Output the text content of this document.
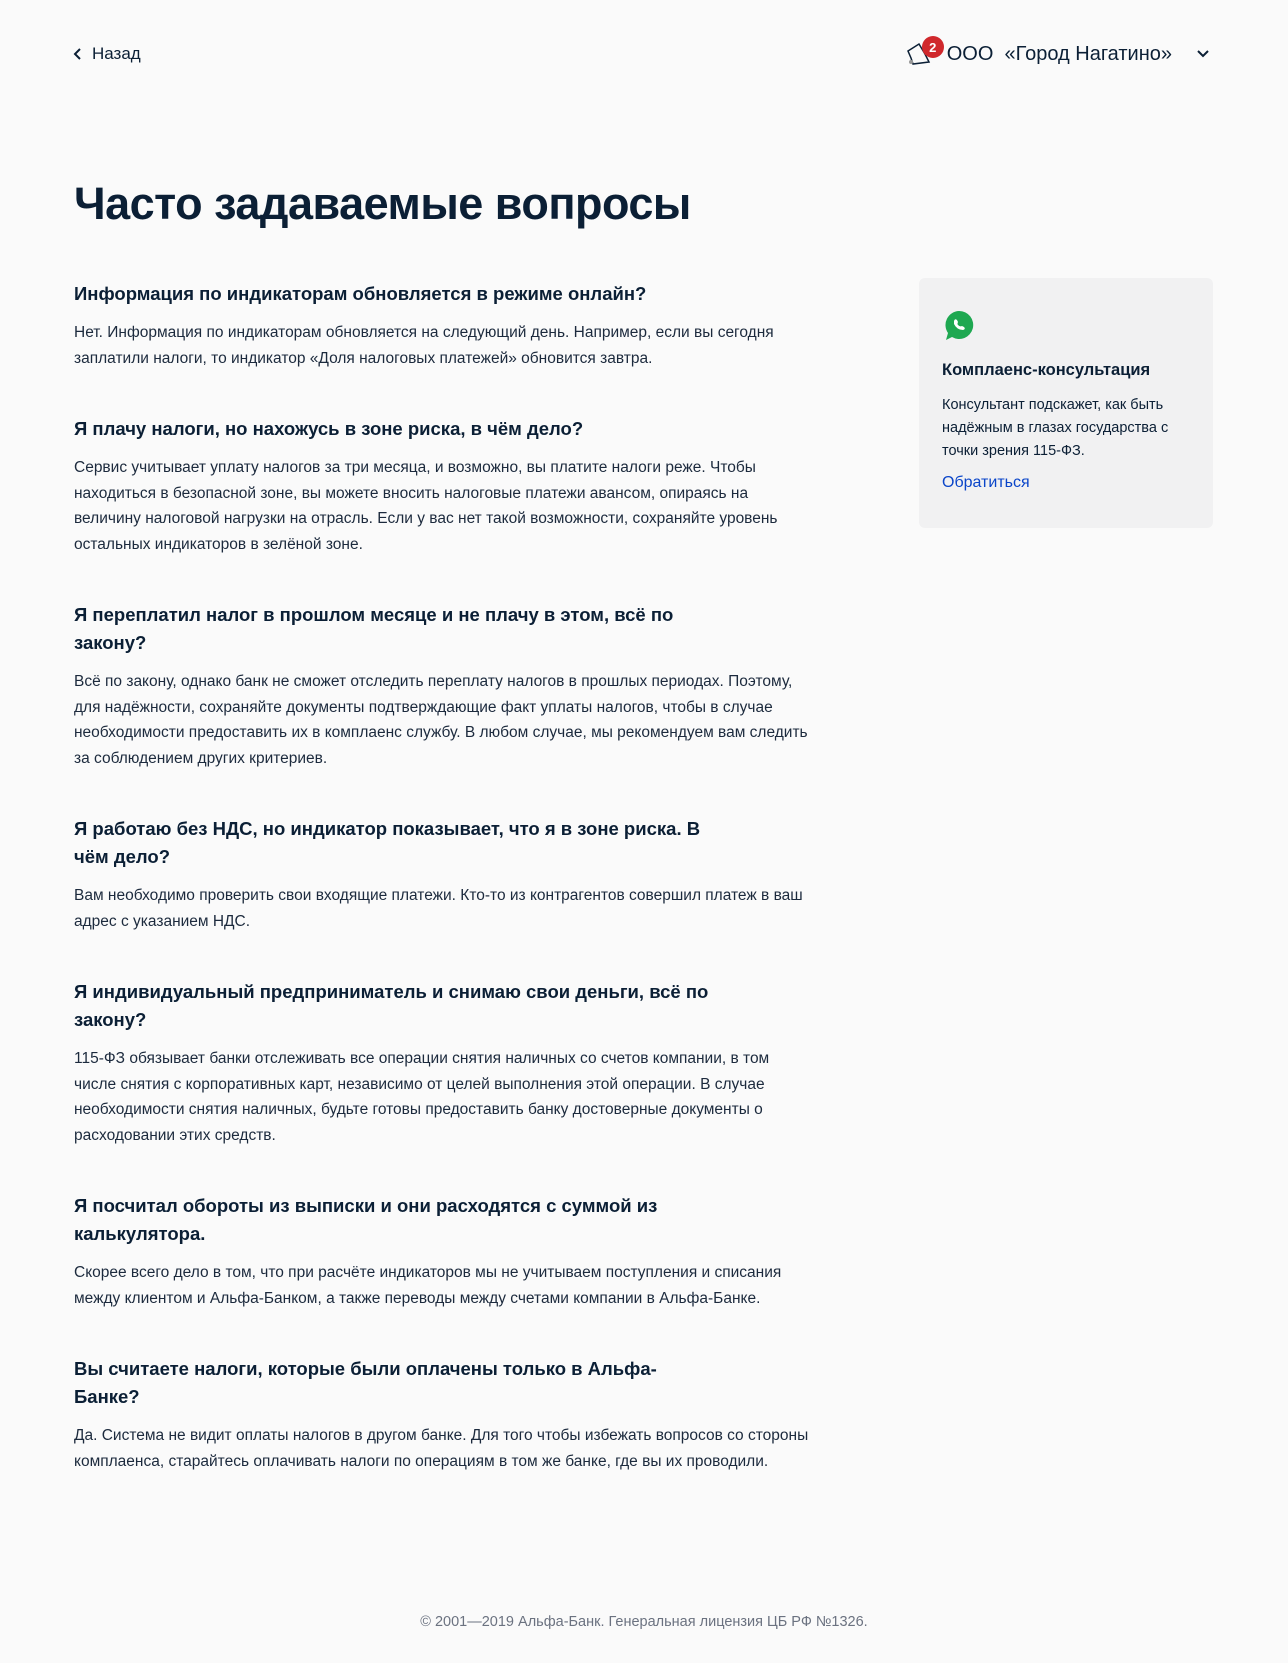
Назад	2 ООО  «Город Нагатино»
Часто задаваемые вопросы
Информация по индикаторам обновляется в режиме онлайн?
Нет. Информация по индикаторам обновляется на следующий день. Например, если вы сегодня заплатили налоги, то индикатор «Доля налоговых платежей» обновится завтра.
Я плачу налоги, но нахожусь в зоне риска, в чём дело?
Сервис учитывает уплату налогов за три месяца, и возможно, вы платите налоги реже. Чтобы находиться в безопасной зоне, вы можете вносить налоговые платежи авансом, опираясь на величину налоговой нагрузки на отрасль. Если у вас нет такой возможности, сохраняйте уровень остальных индикаторов в зелёной зоне.
Я переплатил налог в прошлом месяце и не плачу в этом, всё по закону?
Всё по закону, однако банк не сможет отследить переплату налогов в прошлых периодах. Поэтому, для надёжности, сохраняйте документы подтверждающие факт уплаты налогов, чтобы в случае необходимости предоставить их в комплаенс службу. В любом случае, мы рекомендуем вам следить за соблюдением других критериев.
Я работаю без НДС, но индикатор показывает, что я в зоне риска. В чём дело?
Вам необходимо проверить свои входящие платежи. Кто-то из контрагентов совершил платеж в ваш адрес с указанием НДС.
Я индивидуальный предприниматель и снимаю свои деньги, всё по закону?
115-ФЗ обязывает банки отслеживать все операции снятия наличных со счетов компании, в том числе снятия с корпоративных карт, независимо от целей выполнения этой операции. В случае необходимости снятия наличных, будьте готовы предоставить банку достоверные документы о расходовании этих средств.
Я посчитал обороты из выписки и они расходятся с суммой из калькулятора.
Скорее всего дело в том, что при расчёте индикаторов мы не учитываем поступления и списания между клиентом и Альфа-Банком, а также переводы между счетами компании в Альфа-Банке.
Вы считаете налоги, которые были оплачены только в Альфа-Банке?
Да. Система не видит оплаты налогов в другом банке. Для того чтобы избежать вопросов со стороны комплаенса, старайтесь оплачивать налоги по операциям в том же банке, где вы их проводили.
Комплаенс-консультация

Консультант подскажет, как быть надёжным в глазах государства с точки зрения 115-ФЗ.

Обратиться
© 2001—2019 Альфа-Банк. Генеральная лицензия ЦБ РФ №1326.
